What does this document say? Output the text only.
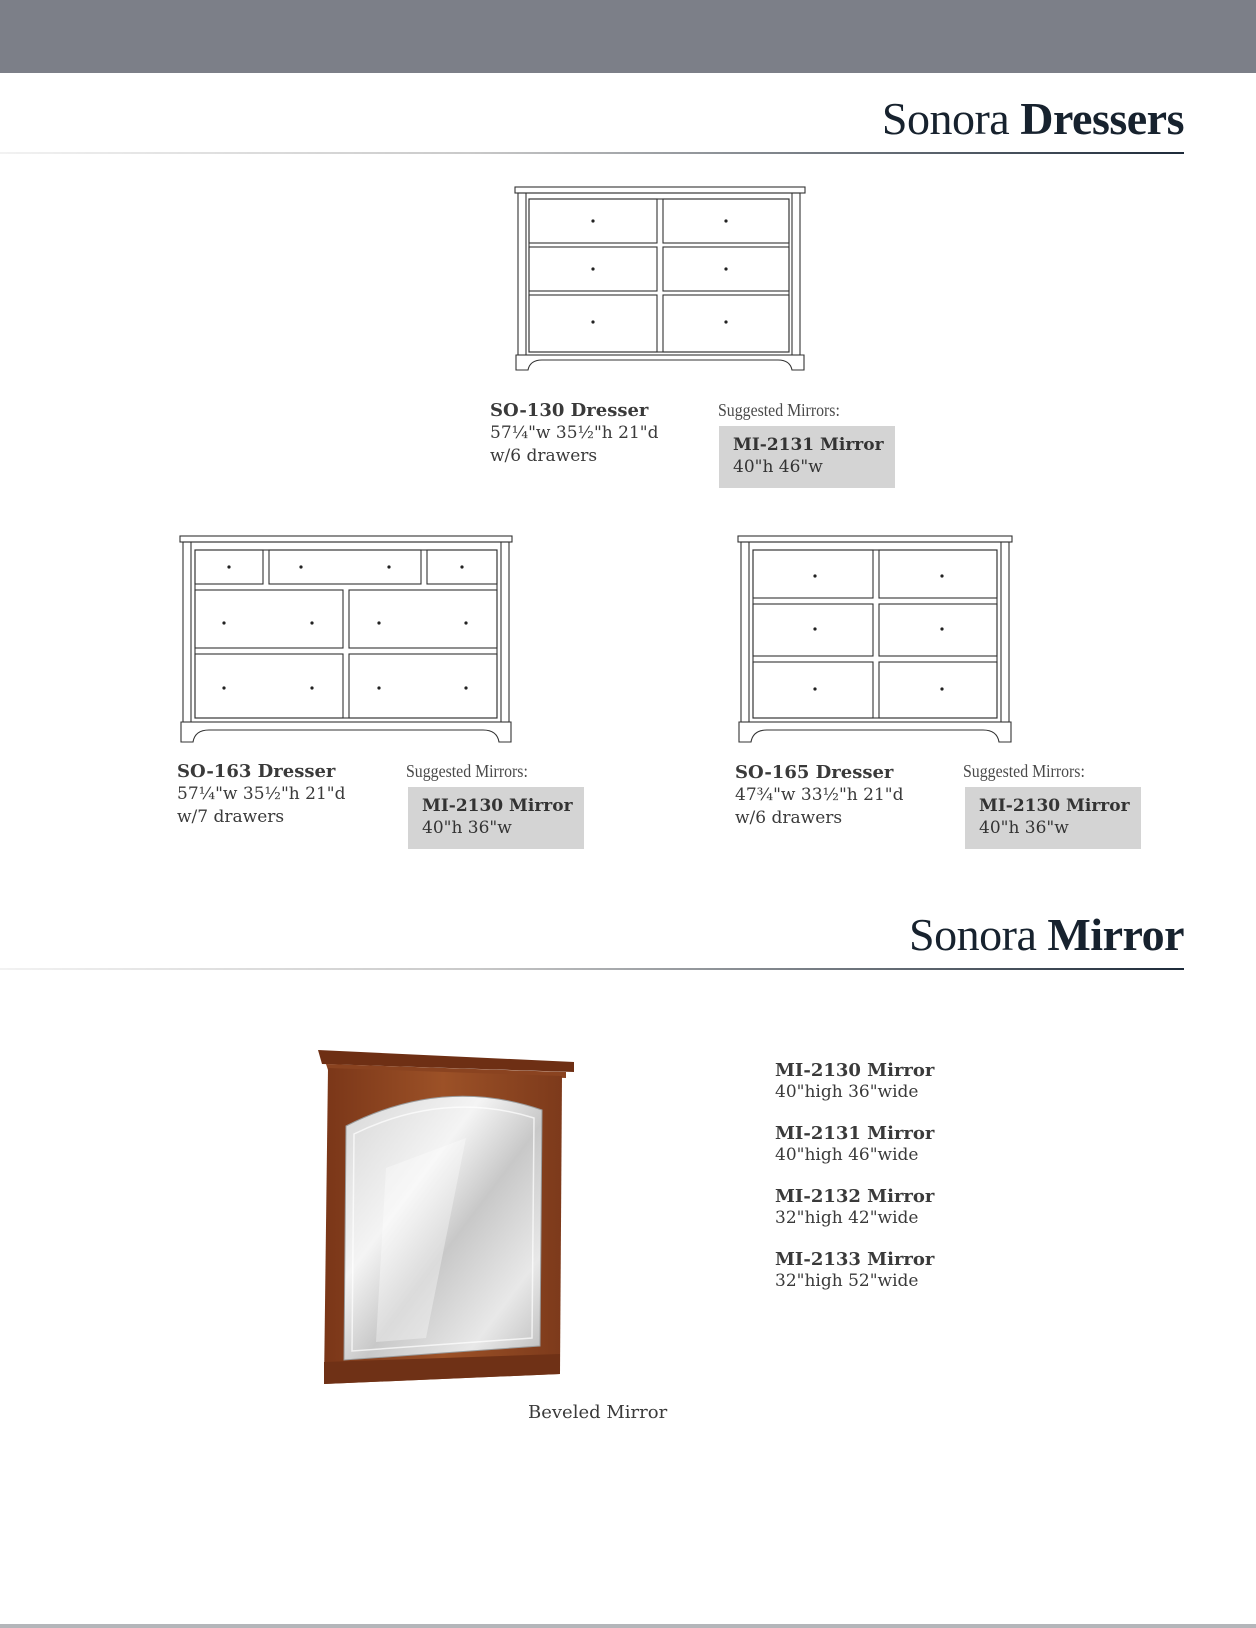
Sonora Dressers
SO-130 Dresser
57¼"w 35½"h 21"d
w/6 drawers
Suggested Mirrors:
MI-2131 Mirror
40"h 46"w
SO-163 Dresser
57¼"w 35½"h 21"d
w/7 drawers
Suggested Mirrors:
MI-2130 Mirror
40"h 36"w
SO-165 Dresser
47¾"w 33½"h 21"d
w/6 drawers
Suggested Mirrors:
MI-2130 Mirror
40"h 36"w
Sonora Mirror
Beveled Mirror
MI-2130 Mirror
40"high 36"wide
MI-2131 Mirror
40"high 46"wide
MI-2132 Mirror
32"high 42"wide
MI-2133 Mirror
32"high 52"wide
